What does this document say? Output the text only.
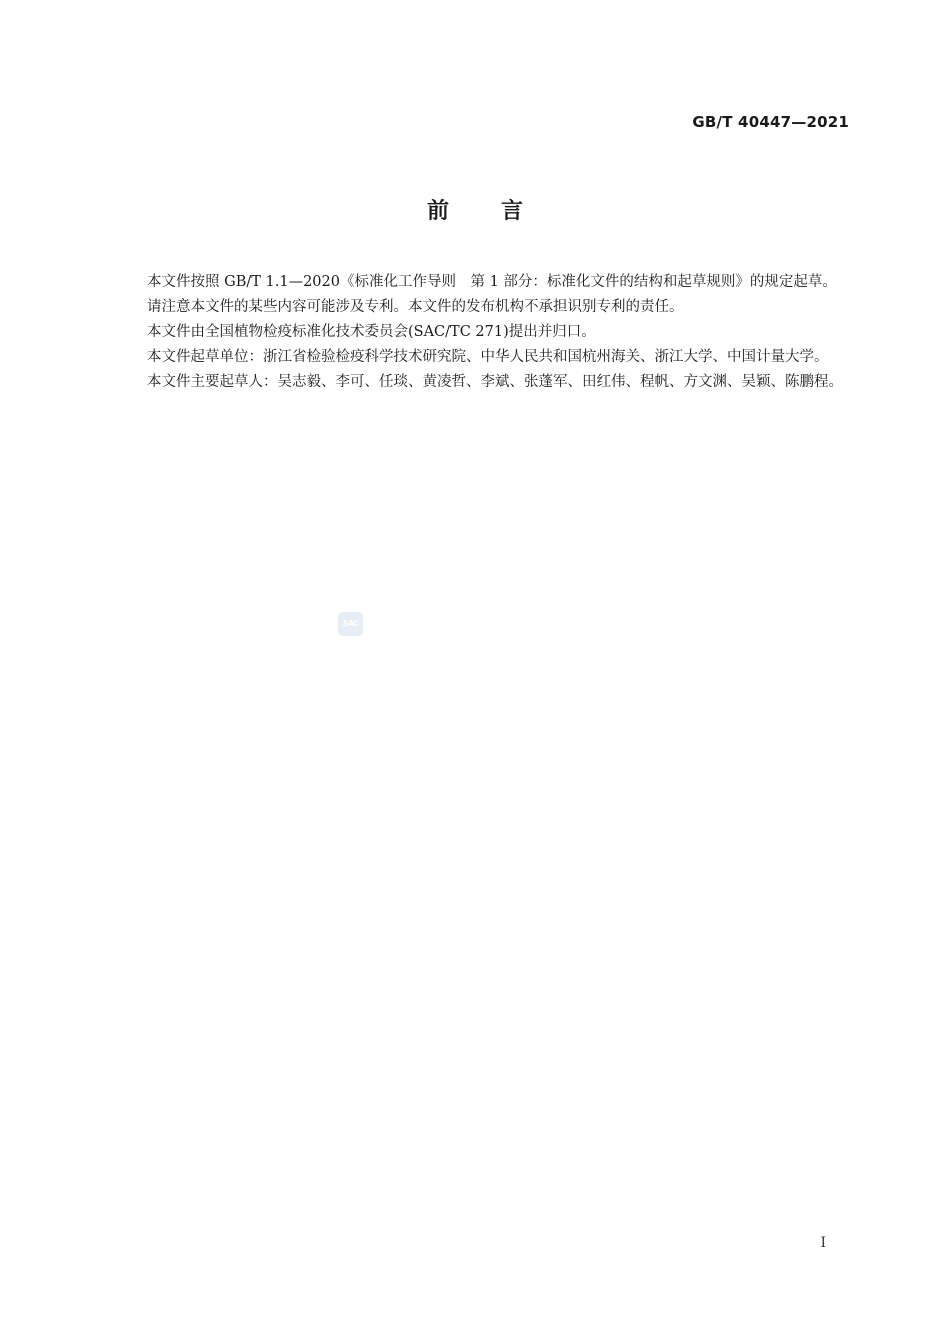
GB/T 40447—2021
前言

本文件按照 GB/T 1.1—2020《标准化工作导则　第 1 部分：标准化文件的结构和起草规则》的规定起草。

请注意本文件的某些内容可能涉及专利。本文件的发布机构不承担识别专利的责任。

本文件由全国植物检疫标准化技术委员会(SAC/TC 271)提出并归口。

本文件起草单位：浙江省检验检疫科学技术研究院、中华人民共和国杭州海关、浙江大学、中国计量大学。

本文件主要起草人：吴志毅、李可、任琰、黄凌哲、李斌、张蓬军、田红伟、程帆、方文渊、吴颖、陈鹏程。

SAC
I
